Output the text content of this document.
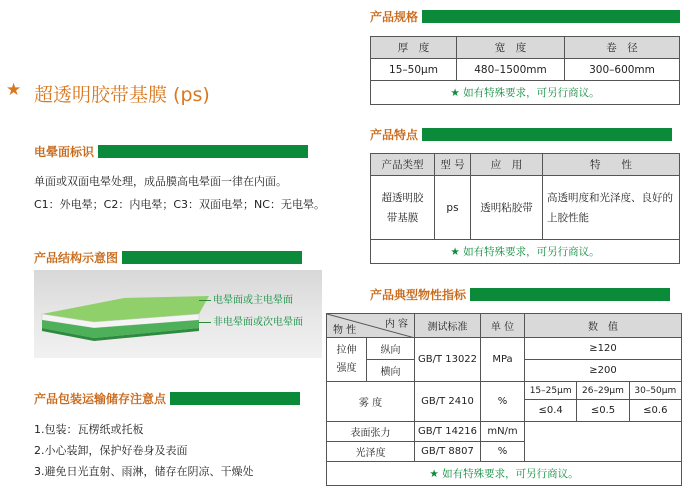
★ 超透明胶带基膜 (ps)
电晕面标识
单面或双面电晕处理，成品膜高电晕面一律在内面。
C1：外电晕；C2：内电晕；C3：双面电晕；NC：无电晕。
产品结构示意图
电晕面或主电晕面
非电晕面或次电晕面
产品包装运输储存注意点
1.包装：瓦楞纸或托板
2.小心装卸，保护好卷身及表面
3.避免日光直射、雨淋，储存在阴凉、干燥处
产品规格
厚　度	宽　度	卷　径
15–50μm	480–1500mm	300–600mm
★ 如有特殊要求，可另行商议。		
产品特点
产品类型	型 号	应　用	特　　性
超透明胶带基膜	ps	透明粘胶带	高透明度和光泽度、良好的上胶性能
★ 如有特殊要求，可另行商议。			
产品典型物性指标
内 容
物 性		测试标准	单 位	数　值		
拉伸强度	纵向	GB/T 13022	MPa	≥120		
	横向			≥200		
雾 度		GB/T 2410	%	15–25μm	26–29μm	30–50μm
				≤0.4	≤0.5	≤0.6
表面张力		GB/T 14216	mN/m			
光泽度		GB/T 8807	%			
★ 如有特殊要求，可另行商议。						
